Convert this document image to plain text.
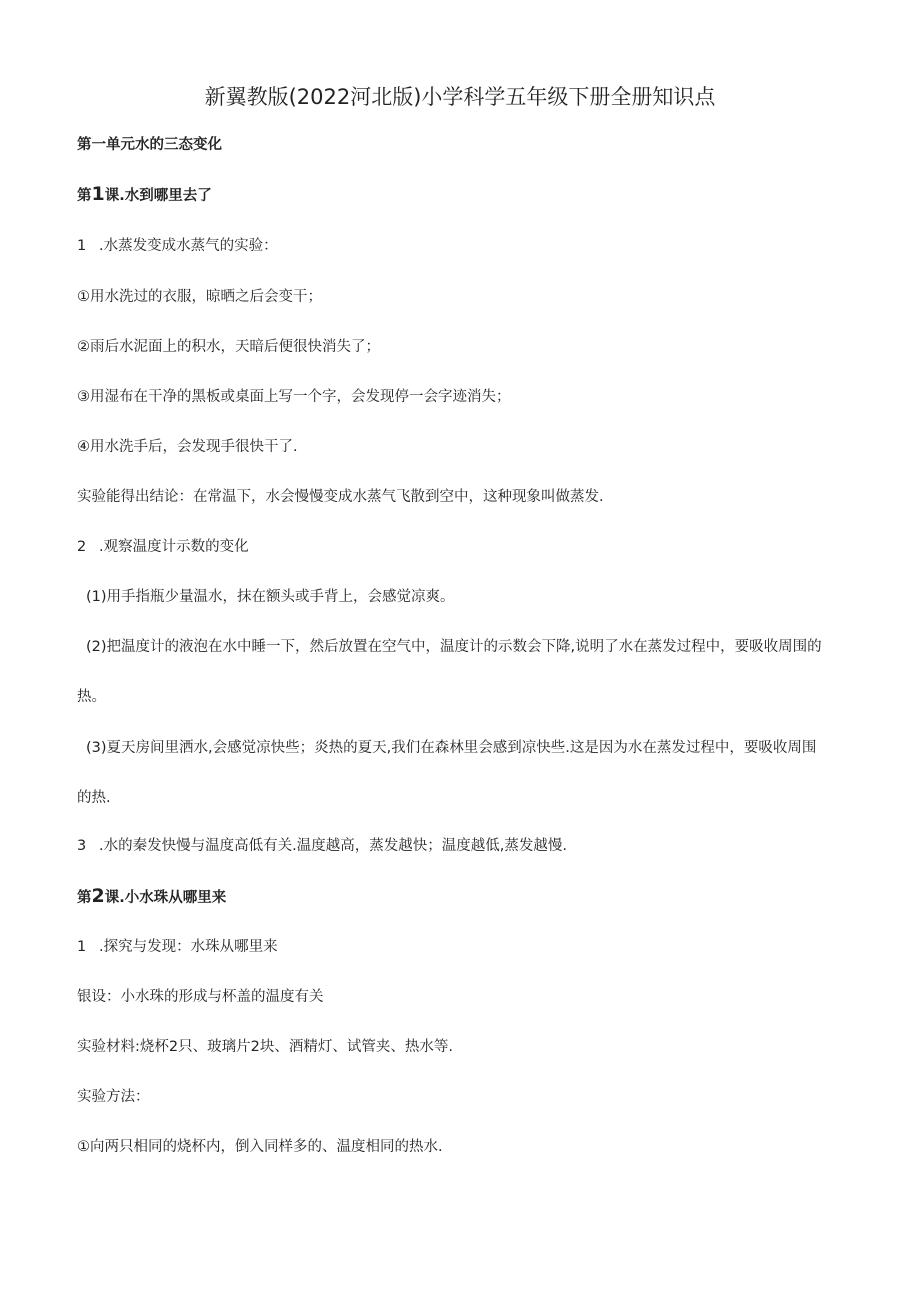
新翼教版(2022河北版)小学科学五年级下册全册知识点
第一单元水的三态变化
第1课.水到哪里去了
1 .水蒸发变成水蒸气的实验：
①用水洗过的衣服，晾晒之后会变干；
②雨后水泥面上的积水，天暗后便很快消失了；
③用湿布在干净的黑板或桌面上写一个字，会发现停一会字迹消失；
④用水洗手后，会发现手很快干了.
实验能得出结论：在常温下，水会慢慢变成水蒸气飞散到空中，这种现象叫做蒸发.
2 .观察温度计示数的变化
(1)用手指瓶少量温水，抹在额头或手背上，会感觉凉爽。
(2)把温度计的液泡在水中睡一下，然后放置在空气中，温度计的示数会下降,说明了水在蒸发过程中，要吸收周围的
热。
(3)夏天房间里洒水,会感觉凉快些；炎热的夏天,我们在森林里会感到凉快些.这是因为水在蒸发过程中，要吸收周围
的热.
3 .水的秦发快慢与温度高低有关.温度越高，蒸发越快；温度越低,蒸发越慢.
第2课.小水珠从哪里来
1 .探究与发现：水珠从哪里来
银设：小水珠的形成与杯盖的温度有关
实验材料:烧杯2只、玻璃片2块、酒精灯、试管夹、热水等.
实验方法：
①向两只相同的烧杯内，倒入同样多的、温度相同的热水.
